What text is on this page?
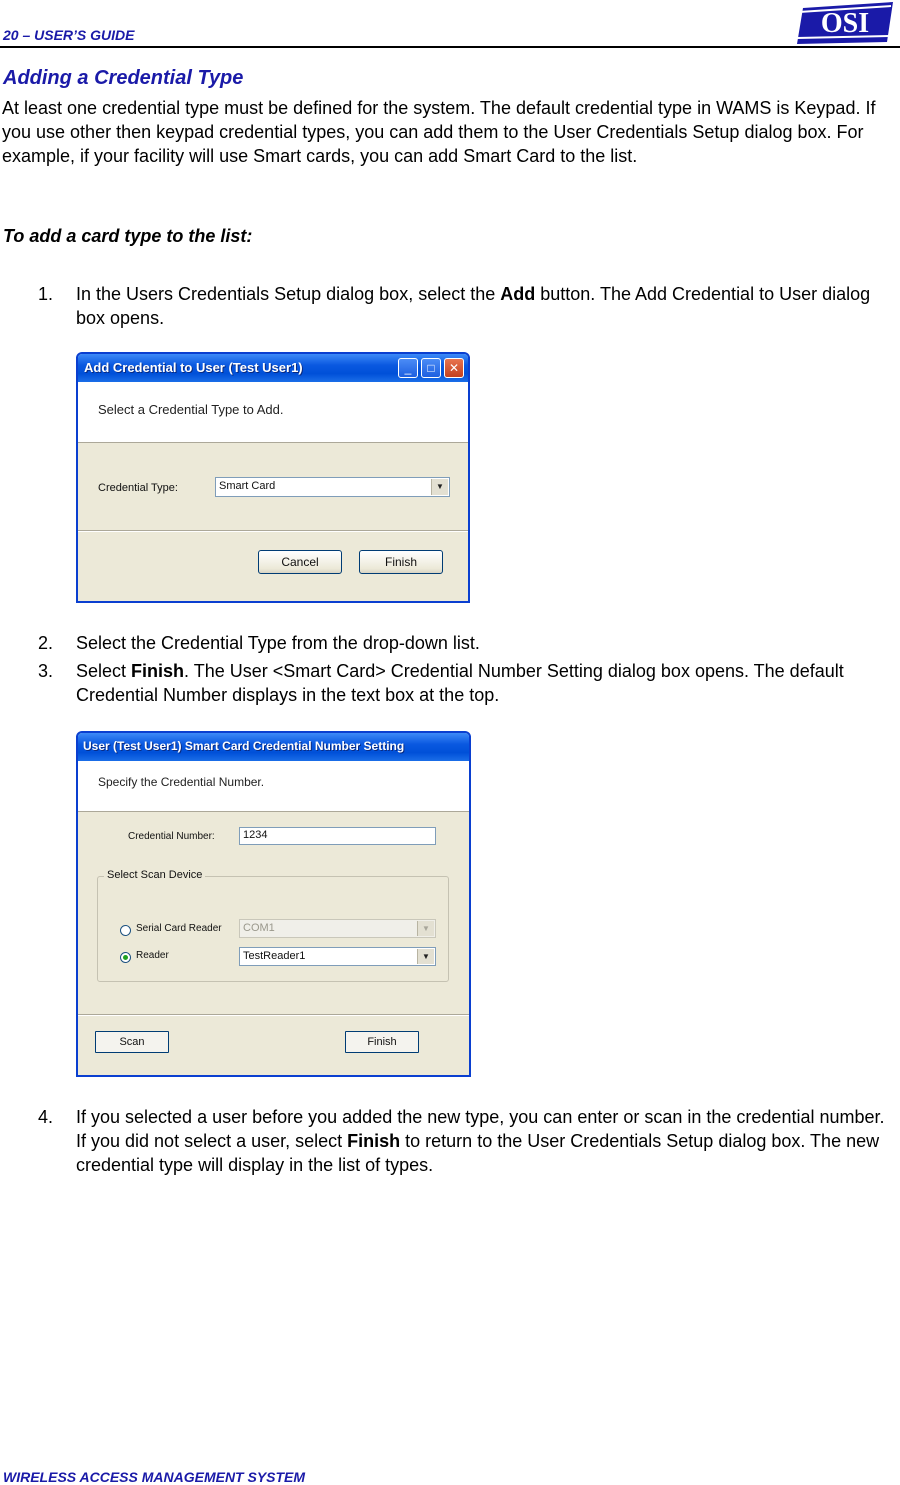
20 – USER’S GUIDE	OSI
Adding a Credential Type
At least one credential type must be defined for the system. The default credential type in WAMS is Keypad. If you use other then keypad credential types, you can add them to the User Credentials Setup dialog box. For example, if your facility will use Smart cards, you can add Smart Card to the list.
To add a card type to the list:
1. In the Users Credentials Setup dialog box, select the Add button. The Add Credential to User dialog box opens.
Add Credential to User (Test User1)	_	□	✕
Select a Credential Type to Add.
Credential Type:	Smart Card	▼
Cancel	Finish
2. Select the Credential Type from the drop-down list.
3. Select Finish. The User <Smart Card> Credential Number Setting dialog box opens. The default Credential Number displays in the text box at the top.
User (Test User1) Smart Card Credential Number Setting
Specify the Credential Number.
Credential Number:	1234
Select Scan Device
Serial Card Reader COM1	▼
Reader	TestReader1	▼
Scan	Finish
4. If you selected a user before you added the new type, you can enter or scan in the credential number. If you did not select a user, select Finish to return to the User Credentials Setup dialog box. The new credential type will display in the list of types.
WIRELESS ACCESS MANAGEMENT SYSTEM
